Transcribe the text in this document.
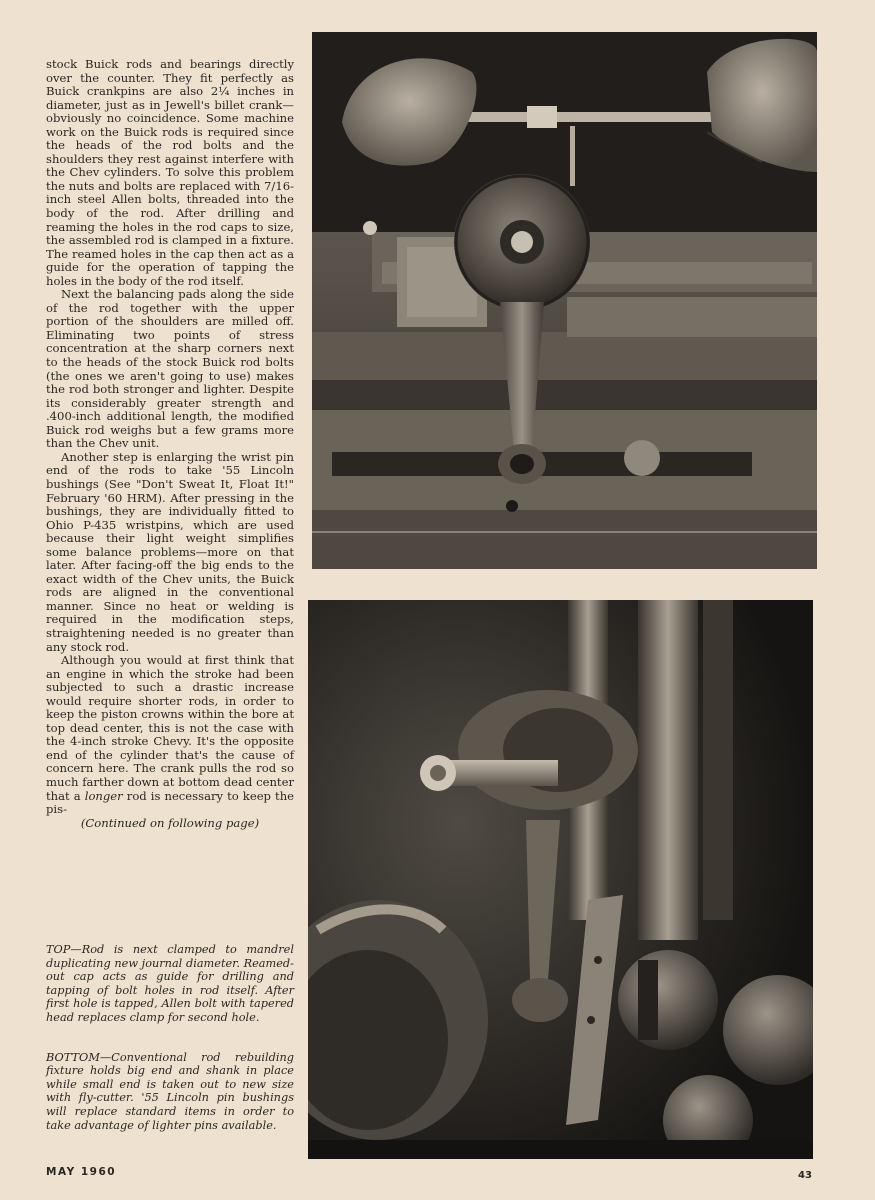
stock Buick rods and bearings directly over the counter. They fit perfectly as Buick crankpins are also 2¼ inches in diameter, just as in Jewell's billet crank—obviously no coincidence. Some machine work on the Buick rods is required since the heads of the rod bolts and the shoulders they rest against interfere with the Chev cylinders. To solve this problem the nuts and bolts are replaced with 7/16-inch steel Allen bolts, threaded into the body of the rod. After drilling and reaming the holes in the rod caps to size, the assembled rod is clamped in a fixture. The reamed holes in the cap then act as a guide for the operation of tapping the holes in the body of the rod itself.

Next the balancing pads along the side of the rod together with the upper portion of the shoulders are milled off. Eliminating two points of stress concentration at the sharp corners next to the heads of the stock Buick rod bolts (the ones we aren't going to use) makes the rod both stronger and lighter. Despite its considerably greater strength and .400-inch additional length, the modified Buick rod weighs but a few grams more than the Chev unit.

Another step is enlarging the wrist pin end of the rods to take '55 Lincoln bushings (See "Don't Sweat It, Float It!" February '60 HRM). After pressing in the bushings, they are individually fitted to Ohio P-435 wristpins, which are used because their light weight simplifies some balance problems—more on that later. After facing-off the big ends to the exact width of the Chev units, the Buick rods are aligned in the conventional manner. Since no heat or welding is required in the modification steps, straightening needed is no greater than any stock rod.

Although you would at first think that an engine in which the stroke had been subjected to such a drastic increase would require shorter rods, in order to keep the piston crowns within the bore at top dead center, this is not the case with the 4-inch stroke Chevy. It's the opposite end of the cylinder that's the cause of concern here. The crank pulls the rod so much farther down at bottom dead center that a longer rod is necessary to keep the pis-

(Continued on following page)

TOP—Rod is next clamped to mandrel duplicating new journal diameter. Reamed-out cap acts as guide for drilling and tapping of bolt holes in rod itself. After first hole is tapped, Allen bolt with tapered head replaces clamp for second hole.

BOTTOM—Conventional rod rebuilding fixture holds big end and shank in place while small end is taken out to new size with fly-cutter. '55 Lincoln pin bushings will replace standard items in order to take advantage of lighter pins available.

MAY 1960	43
